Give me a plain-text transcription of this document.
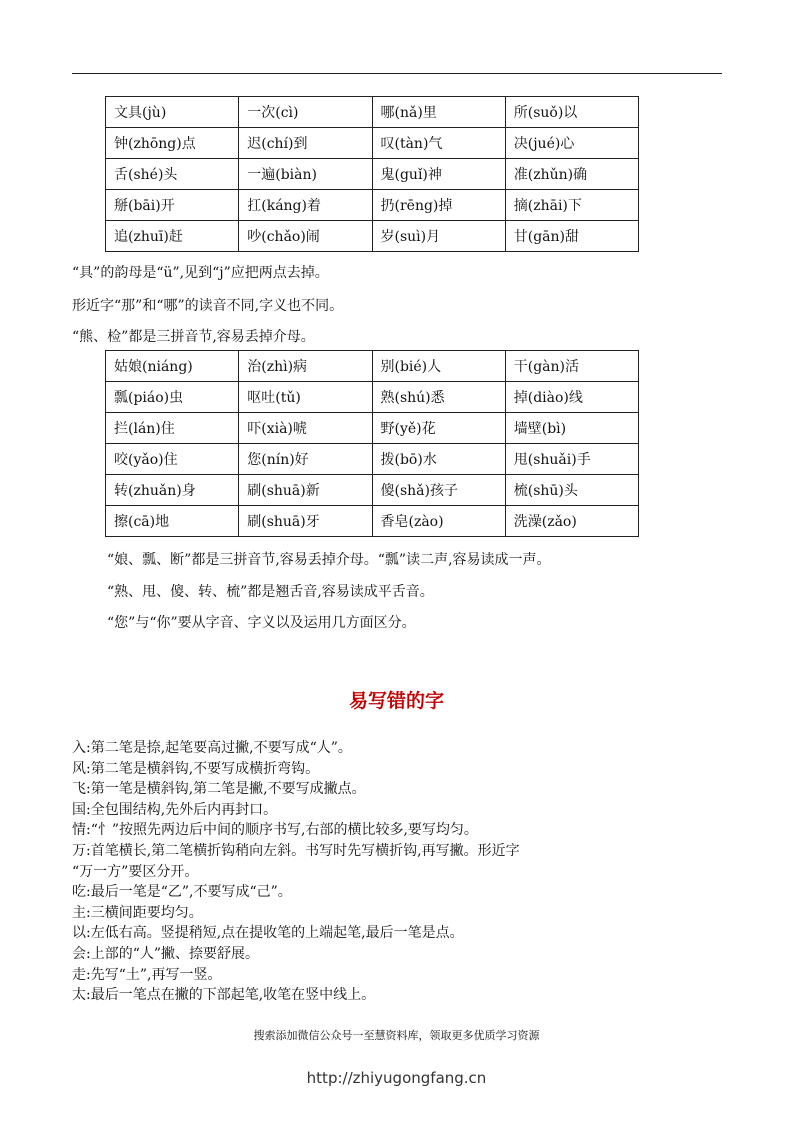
文具(jù)	一次(cì)	哪(nǎ)里	所(suǒ)以
钟(zhōng)点	迟(chí)到	叹(tàn)气	决(jué)心
舌(shé)头	一遍(biàn)	鬼(guǐ)神	准(zhǔn)确
掰(bāi)开	扛(káng)着	扔(rēng)掉	摘(zhāi)下
追(zhuī)赶	吵(chǎo)闹	岁(suì)月	甘(gān)甜
“具”的韵母是“ü”,见到“j”应把两点去掉。
形近字“那”和“哪”的读音不同,字义也不同。
“熊、检”都是三拼音节,容易丢掉介母。
姑娘(niáng)	治(zhì)病	别(bié)人	干(gàn)活
瓢(piáo)虫	呕吐(tǔ)	熟(shú)悉	掉(diào)线
拦(lán)住	吓(xià)唬	野(yě)花	墙壁(bì)
咬(yǎo)住	您(nín)好	拨(bō)水	甩(shuǎi)手
转(zhuǎn)身	刷(shuā)新	傻(shǎ)孩子	梳(shū)头
擦(cā)地	刷(shuā)牙	香皂(zào)	洗澡(zǎo)
“娘、瓢、断”都是三拼音节,容易丢掉介母。“瓢”读二声,容易读成一声。
“熟、甩、傻、转、梳”都是翘舌音,容易读成平舌音。
“您”与“你”要从字音、字义以及运用几方面区分。
易写错的字
入:第二笔是捺,起笔要高过撇,不要写成“人”。
风:第二笔是横斜钩,不要写成横折弯钩。
飞:第一笔是横斜钩,第二笔是撇,不要写成撇点。
国:全包围结构,先外后内再封口。
情:“忄”按照先两边后中间的顺序书写,右部的横比较多,要写均匀。
万:首笔横长,第二笔横折钩稍向左斜。书写时先写横折钩,再写撇。形近字
“万一方”要区分开。
吃:最后一笔是“乙”,不要写成“己”。
主:三横间距要均匀。
以:左低右高。竖提稍短,点在提收笔的上端起笔,最后一笔是点。
会:上部的“人”撇、捺要舒展。
走:先写“土”,再写一竖。
太:最后一笔点在撇的下部起笔,收笔在竖中线上。
搜索添加微信公众号一至慧资料库，领取更多优质学习资源
http://zhiyugongfang.cn
